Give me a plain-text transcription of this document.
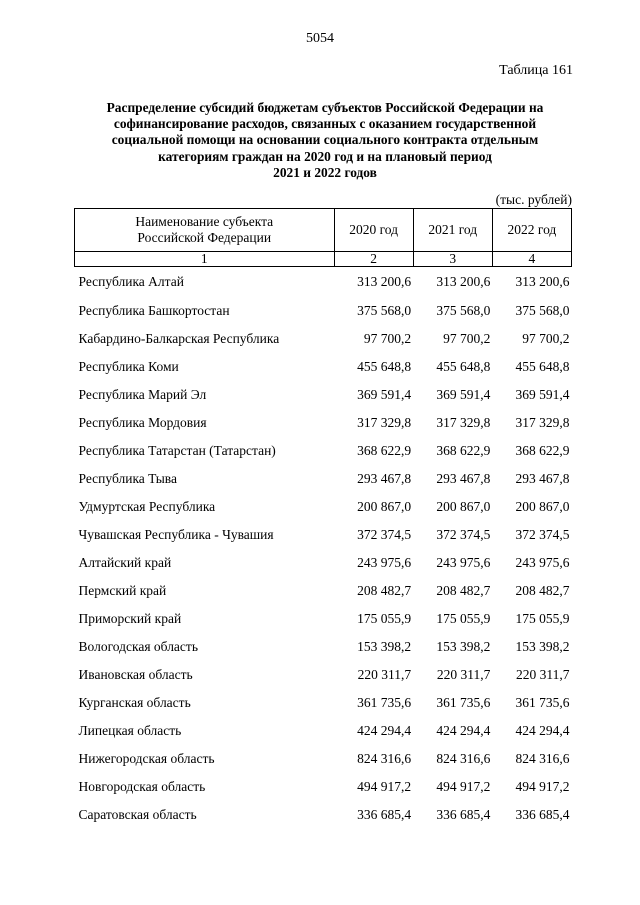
5054
Таблица 161
Распределение субсидий бюджетам субъектов Российской Федерации на
софинансирование расходов, связанных с оказанием государственной
социальной помощи на основании социального контракта отдельным
категориям граждан на 2020 год и на плановый период
2021 и 2022 годов
(тыс. рублей)
Наименование субъекта
Российской Федерации	2020 год	2021 год	2022 год
1	2	3	4
Республика Алтай	313 200,6	313 200,6	313 200,6
Республика Башкортостан	375 568,0	375 568,0	375 568,0
Кабардино-Балкарская Республика	97 700,2	97 700,2	97 700,2
Республика Коми	455 648,8	455 648,8	455 648,8
Республика Марий Эл	369 591,4	369 591,4	369 591,4
Республика Мордовия	317 329,8	317 329,8	317 329,8
Республика Татарстан (Татарстан)	368 622,9	368 622,9	368 622,9
Республика Тыва	293 467,8	293 467,8	293 467,8
Удмуртская Республика	200 867,0	200 867,0	200 867,0
Чувашская Республика - Чувашия	372 374,5	372 374,5	372 374,5
Алтайский край	243 975,6	243 975,6	243 975,6
Пермский край	208 482,7	208 482,7	208 482,7
Приморский край	175 055,9	175 055,9	175 055,9
Вологодская область	153 398,2	153 398,2	153 398,2
Ивановская область	220 311,7	220 311,7	220 311,7
Курганская область	361 735,6	361 735,6	361 735,6
Липецкая область	424 294,4	424 294,4	424 294,4
Нижегородская область	824 316,6	824 316,6	824 316,6
Новгородская область	494 917,2	494 917,2	494 917,2
Саратовская область	336 685,4	336 685,4	336 685,4
